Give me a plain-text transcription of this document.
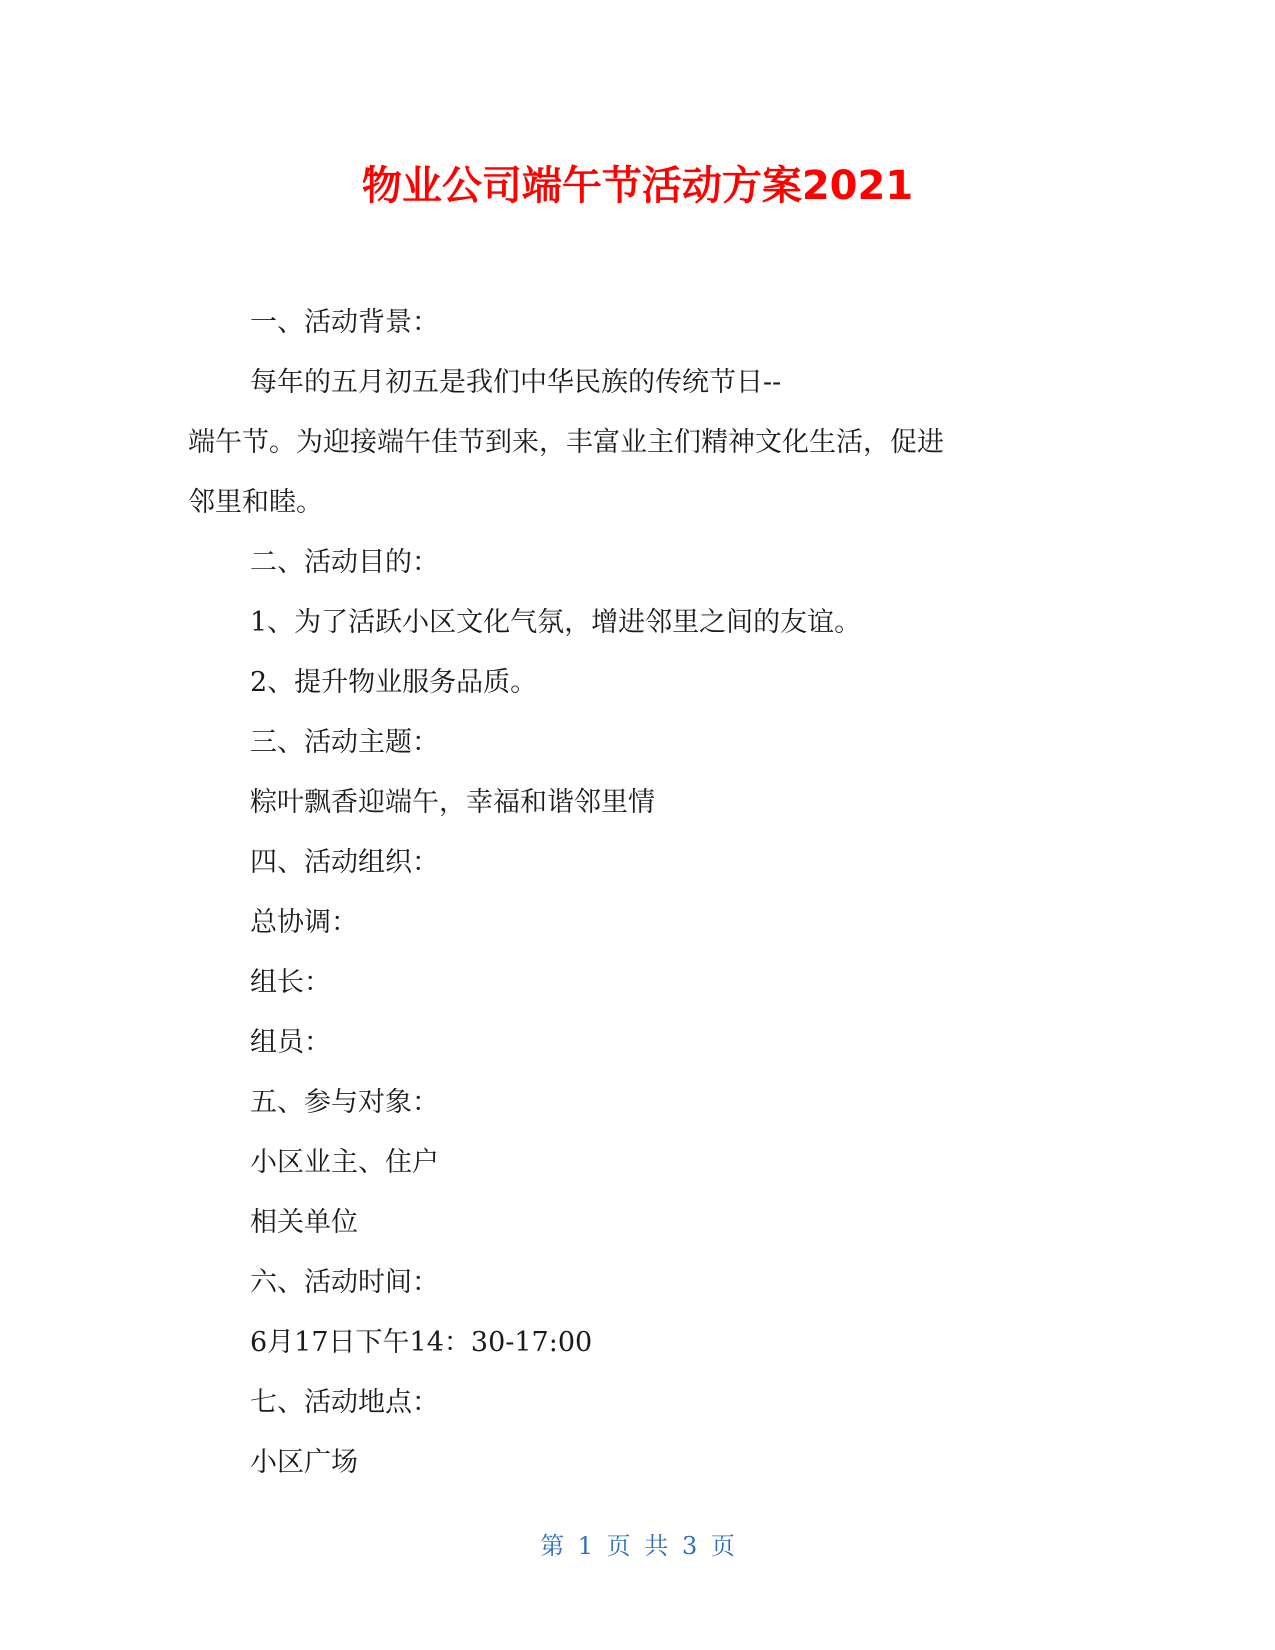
物业公司端午节活动方案2021

一、活动背景：

每年的五月初五是我们中华民族的传统节日--

端午节。为迎接端午佳节到来，丰富业主们精神文化生活，促进

邻里和睦。

二、活动目的：

1、为了活跃小区文化气氛，增进邻里之间的友谊。

2、提升物业服务品质。

三、活动主题：

粽叶飘香迎端午，幸福和谐邻里情

四、活动组织：

总协调：

组长：

组员：

五、参与对象：

小区业主、住户

相关单位

六、活动时间：

6月17日下午14：30-17:00

七、活动地点：

小区广场

第 1 页 共 3 页
